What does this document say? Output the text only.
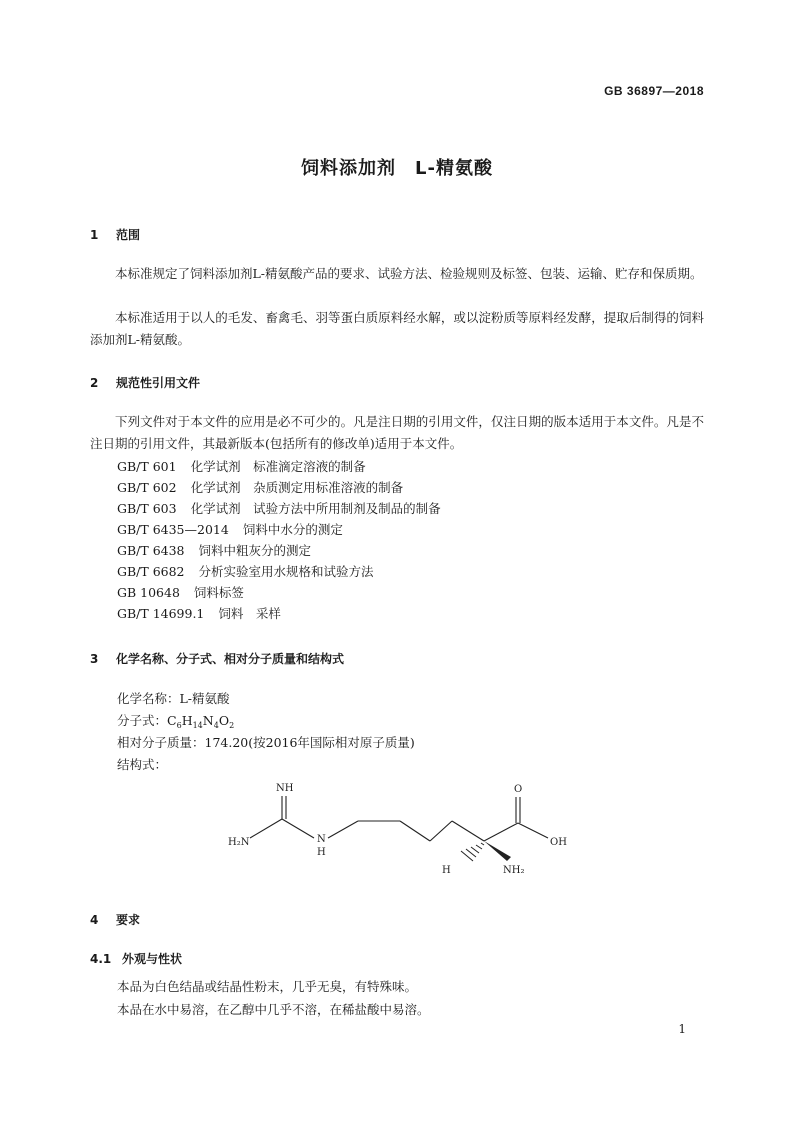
GB 36897—2018
饲料添加剂　L-精氨酸
1 范围
本标准规定了饲料添加剂L-精氨酸产品的要求、试验方法、检验规则及标签、包装、运输、贮存和保质期。
本标准适用于以人的毛发、畜禽毛、羽等蛋白质原料经水解，或以淀粉质等原料经发酵，提取后制得的饲料添加剂L-精氨酸。
2 规范性引用文件
下列文件对于本文件的应用是必不可少的。凡是注日期的引用文件，仅注日期的版本适用于本文件。凡是不注日期的引用文件，其最新版本(包括所有的修改单)适用于本文件。
GB/T 601 化学试剂　标准滴定溶液的制备
GB/T 602 化学试剂　杂质测定用标准溶液的制备
GB/T 603 化学试剂　试验方法中所用制剂及制品的制备
GB/T 6435—2014 饲料中水分的测定
GB/T 6438 饲料中粗灰分的测定
GB/T 6682 分析实验室用水规格和试验方法
GB 10648 饲料标签
GB/T 14699.1 饲料　采样
3 化学名称、分子式、相对分子质量和结构式
化学名称：L-精氨酸
分子式：$C_6H_{14}N_4O_2$
相对分子质量：174.20(按2016年国际相对原子质量)
结构式：
NH
H₂N	N
H
O
OH
H	NH₂
4 要求
4.1 外观与性状
本品为白色结晶或结晶性粉末，几乎无臭，有特殊味。
本品在水中易溶，在乙醇中几乎不溶，在稀盐酸中易溶。
1
